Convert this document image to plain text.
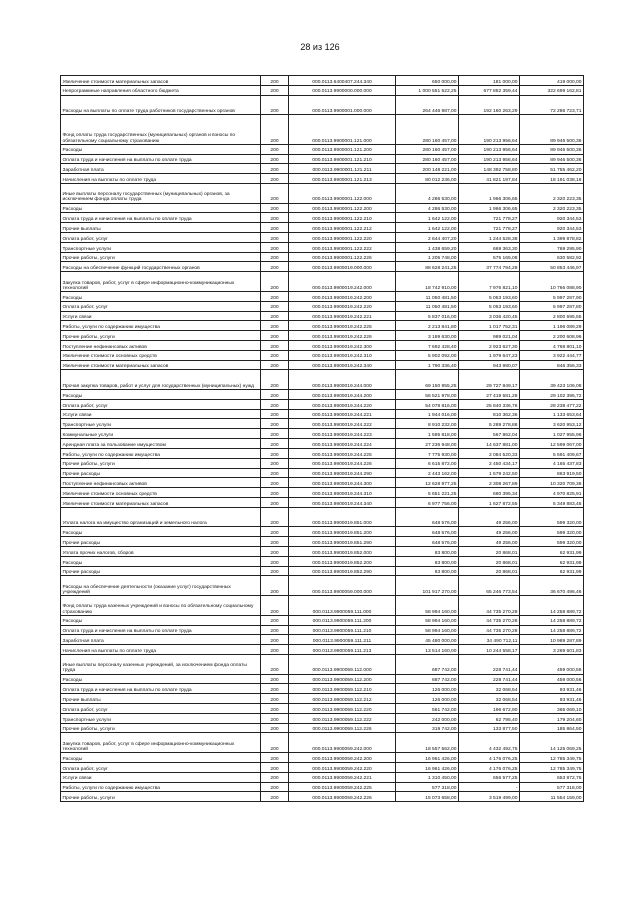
28 из 126
Увеличение стоимости материальных запасов	200	000.0113.6400407.244.340	650 000,00	181 000,00	419 000,00
Непрограммные направления областного бюджета	200	000.0113.9900000.000.000	1 000 551 522,25	677 852 359,44	322 699 162,81
Расходы на выплаты по оплате труда работников государственных органов	200	000.0113.9900001.000.000	264 446 987,00	192 160 263,29	72 286 723,71
Фонд оплаты труда государственных (муниципальных) органов и взносы по обязательному социальному страхованию	200	000.0113.9900001.121.000	280 160 457,00	190 213 956,64	89 946 500,36
Расходы	200	000.0113.9900001.121.200	280 160 457,00	190 213 956,64	89 946 500,36
Оплата труда и начисления на выплаты по оплате труда	200	000.0113.9900001.121.210	280 160 457,00	190 213 956,64	89 946 500,36
Заработная плата	200	000.0113.9900001.121.211	200 148 221,00	148 392 758,80	51 755 462,20
Начисления на выплаты по оплате труда	200	000.0113.9900001.121.213	80 012 236,00	41 821 197,84	18 191 038,16
Иные выплаты персоналу государственных (муниципальных) органов, за исключением фонда оплаты труда	200	000.0113.9900001.122.000	4 286 530,00	1 966 306,65	2 320 223,35
Расходы	200	000.0113.9900001.122.200	4 286 530,00	1 966 306,65	2 320 223,35
Оплата труда и начисления на выплаты по оплате труда	200	000.0113.9900001.122.210	1 642 122,00	721 778,27	920 344,53
Прочие выплаты	200	000.0113.9900001.122.212	1 642 122,00	721 778,27	920 344,53
Оплата работ, услуг	200	000.0113.9900001.122.220	2 644 407,20	1 244 528,38	1 399 878,82
Транспортные услуги	200	000.0113.9900001.122.222	1 438 659,20	669 363,30	769 295,90
Прочие работы, услуги	200	000.0113.9900001.122.226	1 205 748,00	575 165,08	630 582,92
Расходы на обеспечение функций государственных органов	200	000.0113.9900019.000.000	88 628 241,25	37 774 794,28	50 853 446,97
Закупка товаров, работ, услуг в сфере информационно-коммуникационных технологий	200	000.0113.9900019.242.000	18 742 910,00	7 976 821,10	10 766 088,90
Расходы	200	000.0113.9900019.242.200	11 050 481,50	5 053 193,60	5 997 287,90
Оплата работ, услуг	200	000.0113.9900019.242.220	11 050 481,50	5 053 193,60	5 997 287,80
Услуги связи	200	000.0113.9900019.242.221	5 837 016,00	3 036 420,45	2 800 595,55
Работы, услуги по содержанию имущества	200	000.0113.9900019.242.225	2 213 841,80	1 017 752,31	1 196 089,29
Прочие работы, услуги	200	000.0113.9900019.242.226	3 189 630,00	989 021,04	2 200 608,96
Поступление нефинансовых активов	200	000.0113.9900019.242.300	7 692 428,40	2 923 627,30	4 768 801,10
Увеличение стоимости основных средств	200	000.0113.9900019.242.310	5 902 092,00	1 979 647,23	3 922 444,77
Увеличение стоимости материальных запасов	200	000.0113.9900019.242.340	1 790 336,40	943 980,07	846 356,33
Прочая закупка товаров, работ и услуг для государственных (муниципальных) нужд	200	000.0113.9900019.244.000	69 150 955,25	29 727 849,17	39 423 106,08
Расходы	200	000.0113.9900019.244.200	56 521 978,00	27 419 581,28	29 102 396,72
Оплата работ, услуг	200	000.0113.9900019.244.220	54 078 816,00	25 840 336,76	28 238 477,22
Услуги связи	200	000.0113.9900019.244.221	1 944 016,00	810 362,36	1 133 653,64
Транспортные услуги	200	000.0113.9900019.244.222	8 910 232,00	5 289 278,88	3 620 953,12
Коммунальные услуги	200	000.0113.9900019.244.223	1 595 818,00	567 862,04	1 027 955,96
Арендная плата за пользование имуществом	200	000.0113.9900019.244.224	27 236 948,00	14 637 881,00	12 599 067,00
Работы, услуги по содержанию имущества	200	000.0113.9900019.244.225	7 775 930,00	2 084 520,33	5 691 409,67
Прочие работы, услуги	200	000.0113.9900019.244.226	6 615 872,00	2 450 434,17	4 165 437,83
Прочие расходы	200	000.0113.9900019.244.290	2 443 162,00	1 579 242,50	863 919,50
Поступление нефинансовых активов	200	000.0113.9900019.244.300	12 628 977,25	2 308 267,89	10 320 709,36
Увеличение стоимости основных средств	200	000.0113.9900019.244.310	5 651 221,25	680 395,34	4 970 825,91
Увеличение стоимости материальных запасов	200	000.0113.9900019.244.340	6 977 756,00	1 627 872,55	5 349 883,45
Уплата налога на имущество организаций и земельного налога	200	000.0113.9900019.851.000	648 576,00	49 256,00	599 320,00
Расходы	200	000.0113.9900019.851.200	648 576,00	49 256,00	599 320,00
Прочие расходы	200	000.0113.9900019.851.290	648 576,00	49 256,00	599 320,00
Уплата прочих налогов, сборов	200	000.0113.9900019.852.000	83 800,00	20 868,01	62 931,99
Расходы	200	000.0113.9900019.852.200	83 800,00	20 868,01	62 931,99
Прочие расходы	200	000.0113.9900019.852.290	83 800,00	20 868,01	62 931,99
Расходы на обеспечение деятельности (оказание услуг) государственных учреждений	200	000.0113.9900059.000.000	101 917 270,00	65 246 773,54	36 670 496,46
Фонд оплаты труда казенных учреждений и взносы по обязательному социальному страхованию	200	000.0113.9900059.111.000	58 994 160,00	44 735 270,28	14 258 889,72
Расходы	200	000.0113.9900059.111.200	58 994 160,00	44 735 270,28	14 258 889,72
Оплата труда и начисления на выплаты по оплате труда	200	000.0113.9900059.111.210	58 994 160,00	44 735 270,28	14 258 889,72
Заработная плата	200	000.0113.9900059.111.211	45 480 000,00	34 490 712,11	10 989 287,89
Начисления на выплаты по оплате труда	200	000.0113.9900059.111.213	13 514 160,00	10 244 558,17	3 269 601,83
Иные выплаты персоналу казенных учреждений, за исключением фонда оплаты труда	200	000.0113.9900059.112.000	687 742,00	228 741,44	459 000,56
Расходы	200	000.0113.9900059.112.200	687 742,00	228 741,44	459 000,56
Оплата труда и начисления на выплаты по оплате труда	200	000.0113.9900059.112.210	126 000,00	32 068,54	93 931,46
Прочие выплаты	200	000.0113.9900059.112.212	126 000,00	32 068,54	93 931,46
Оплата работ, услуг	200	000.0113.9900059.112.220	561 742,00	196 672,90	365 069,10
Транспортные услуги	200	000.0113.9900059.112.222	242 000,00	62 795,40	179 204,60
Прочие работы, услуги	200	000.0113.9900059.112.226	319 742,00	133 877,50	185 864,50
Закупка товаров, работ, услуг в сфере информационно-коммуникационных технологий	200	000.0113.9900059.242.000	18 557 562,00	4 432 492,75	14 125 069,25
Расходы	200	000.0113.9900059.242.200	16 961 426,00	4 176 076,25	12 785 349,75
Оплата работ, услуг	200	000.0113.9900059.242.220	16 961 426,00	4 176 076,25	12 785 349,75
Услуги связи	200	000.0113.9900059.242.221	1 310 450,00	656 577,25	653 872,75
Работы, услуги по содержанию имущества	200	000.0113.9900059.242.225	577 318,00	-	577 318,00
Прочие работы, услуги	200	000.0113.9900059.242.226	15 073 658,00	3 519 499,00	11 554 159,00
